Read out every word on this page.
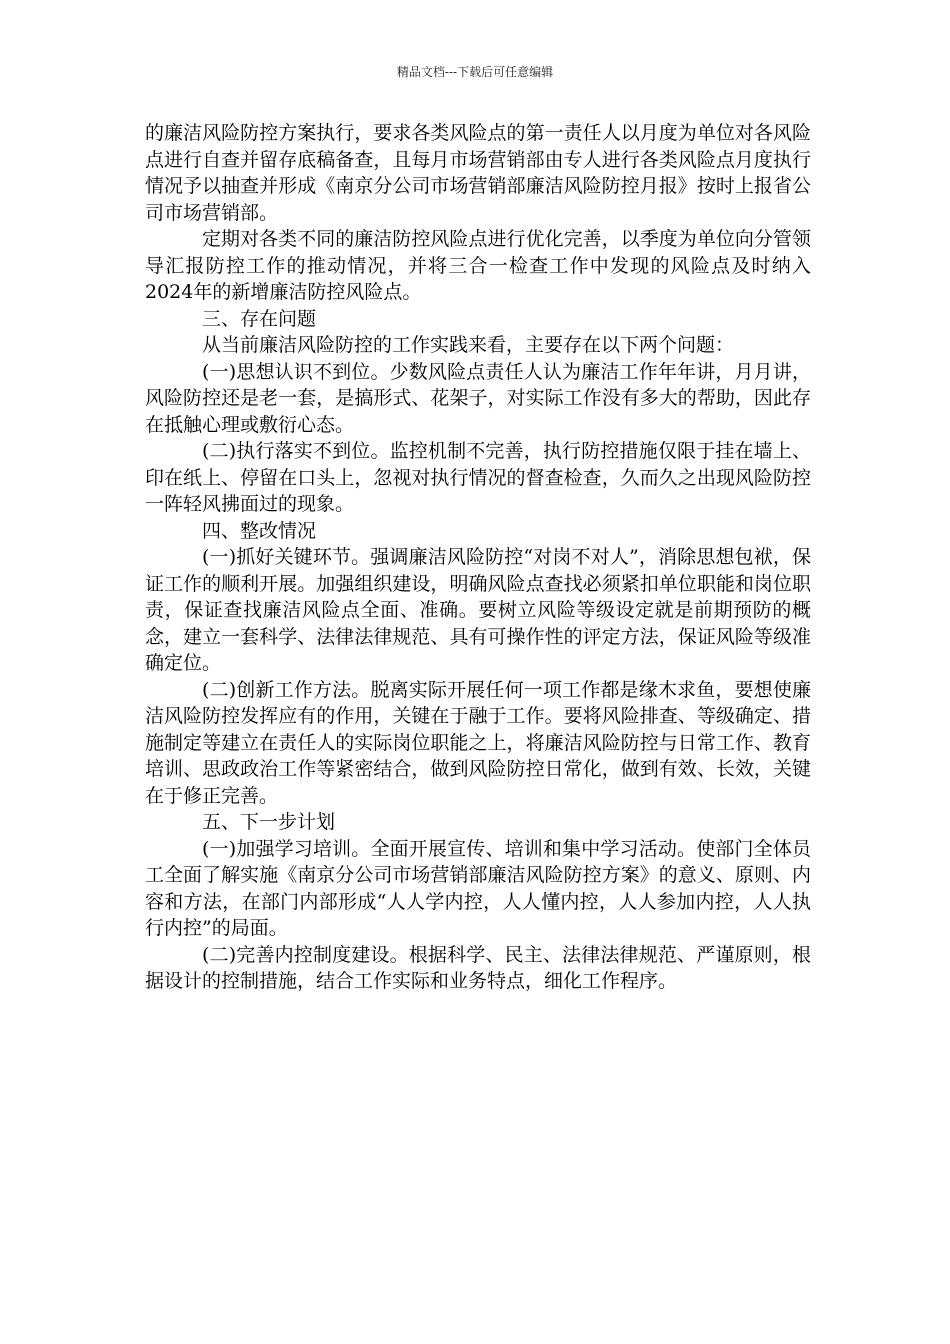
精品文档---下载后可任意编辑

的廉洁风险防控方案执行，要求各类风险点的第一责任人以月度为单位对各风险点进行自查并留存底稿备查，且每月市场营销部由专人进行各类风险点月度执行情况予以抽查并形成《南京分公司市场营销部廉洁风险防控月报》按时上报省公司市场营销部。

定期对各类不同的廉洁防控风险点进行优化完善，以季度为单位向分管领导汇报防控工作的推动情况，并将三合一检查工作中发现的风险点及时纳入2024年的新增廉洁防控风险点。

三、存在问题

从当前廉洁风险防控的工作实践来看，主要存在以下两个问题：

(一)思想认识不到位。少数风险点责任人认为廉洁工作年年讲，月月讲，风险防控还是老一套，是搞形式、花架子，对实际工作没有多大的帮助，因此存在抵触心理或敷衍心态。

(二)执行落实不到位。监控机制不完善，执行防控措施仅限于挂在墙上、印在纸上、停留在口头上，忽视对执行情况的督查检查，久而久之出现风险防控一阵轻风拂面过的现象。

四、整改情况

(一)抓好关键环节。强调廉洁风险防控“对岗不对人”，消除思想包袱，保证工作的顺利开展。加强组织建设，明确风险点查找必须紧扣单位职能和岗位职责，保证查找廉洁风险点全面、准确。要树立风险等级设定就是前期预防的概念，建立一套科学、法律法律规范、具有可操作性的评定方法，保证风险等级准确定位。

(二)创新工作方法。脱离实际开展任何一项工作都是缘木求鱼，要想使廉洁风险防控发挥应有的作用，关键在于融于工作。要将风险排查、等级确定、措施制定等建立在责任人的实际岗位职能之上，将廉洁风险防控与日常工作、教育培训、思政政治工作等紧密结合，做到风险防控日常化，做到有效、长效，关键在于修正完善。

五、下一步计划

(一)加强学习培训。全面开展宣传、培训和集中学习活动。使部门全体员工全面了解实施《南京分公司市场营销部廉洁风险防控方案》的意义、原则、内容和方法，在部门内部形成“人人学内控，人人懂内控，人人参加内控，人人执行内控”的局面。

(二)完善内控制度建设。根据科学、民主、法律法律规范、严谨原则，根据设计的控制措施，结合工作实际和业务特点，细化工作程序。
